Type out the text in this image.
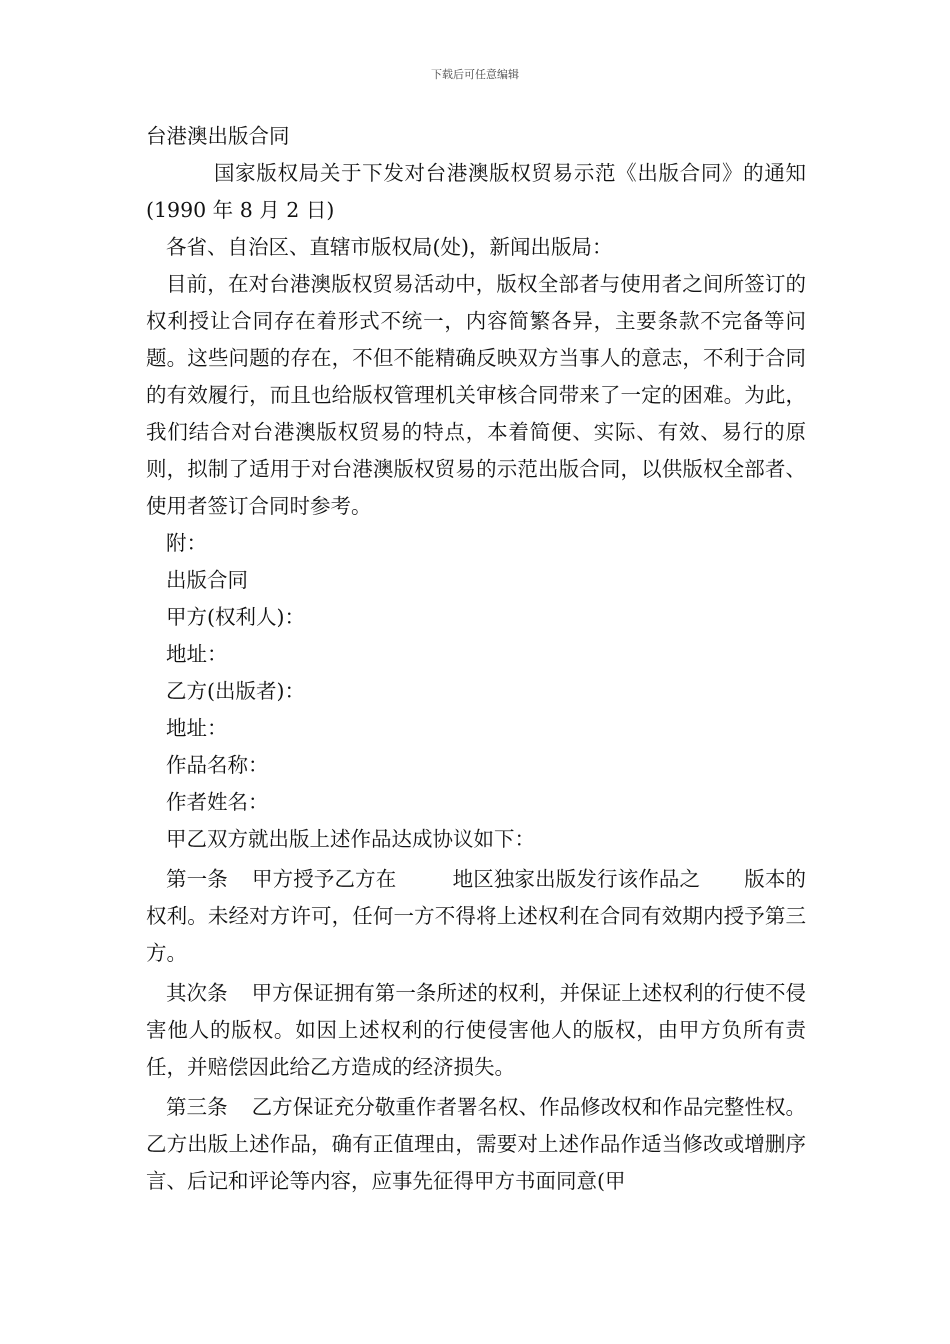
下载后可任意编辑

台港澳出版合同

国家版权局关于下发对台港澳版权贸易示范《出版合同》的通知(1990 年 8 月 2 日)

各省、自治区、直辖市版权局(处)，新闻出版局：

目前，在对台港澳版权贸易活动中，版权全部者与使用者之间所签订的权利授让合同存在着形式不统一，内容简繁各异，主要条款不完备等问题。这些问题的存在，不但不能精确反映双方当事人的意志，不利于合同的有效履行，而且也给版权管理机关审核合同带来了一定的困难。为此，我们结合对台港澳版权贸易的特点，本着简便、实际、有效、易行的原则，拟制了适用于对台港澳版权贸易的示范出版合同，以供版权全部者、使用者签订合同时参考。

附：

出版合同

甲方(权利人)：

地址：

乙方(出版者)：

地址：

作品名称：

作者姓名：

甲乙双方就出版上述作品达成协议如下：

第一条 甲方授予乙方在	地区独家出版发行该作品之 版本的权利。未经对方许可，任何一方不得将上述权利在合同有效期内授予第三方。

其次条 甲方保证拥有第一条所述的权利，并保证上述权利的行使不侵害他人的版权。如因上述权利的行使侵害他人的版权，由甲方负所有责任，并赔偿因此给乙方造成的经济损失。

第三条 乙方保证充分敬重作者署名权、作品修改权和作品完整性权。乙方出版上述作品，确有正值理由，需要对上述作品作适当修改或增删序言、后记和评论等内容，应事先征得甲方书面同意(甲
